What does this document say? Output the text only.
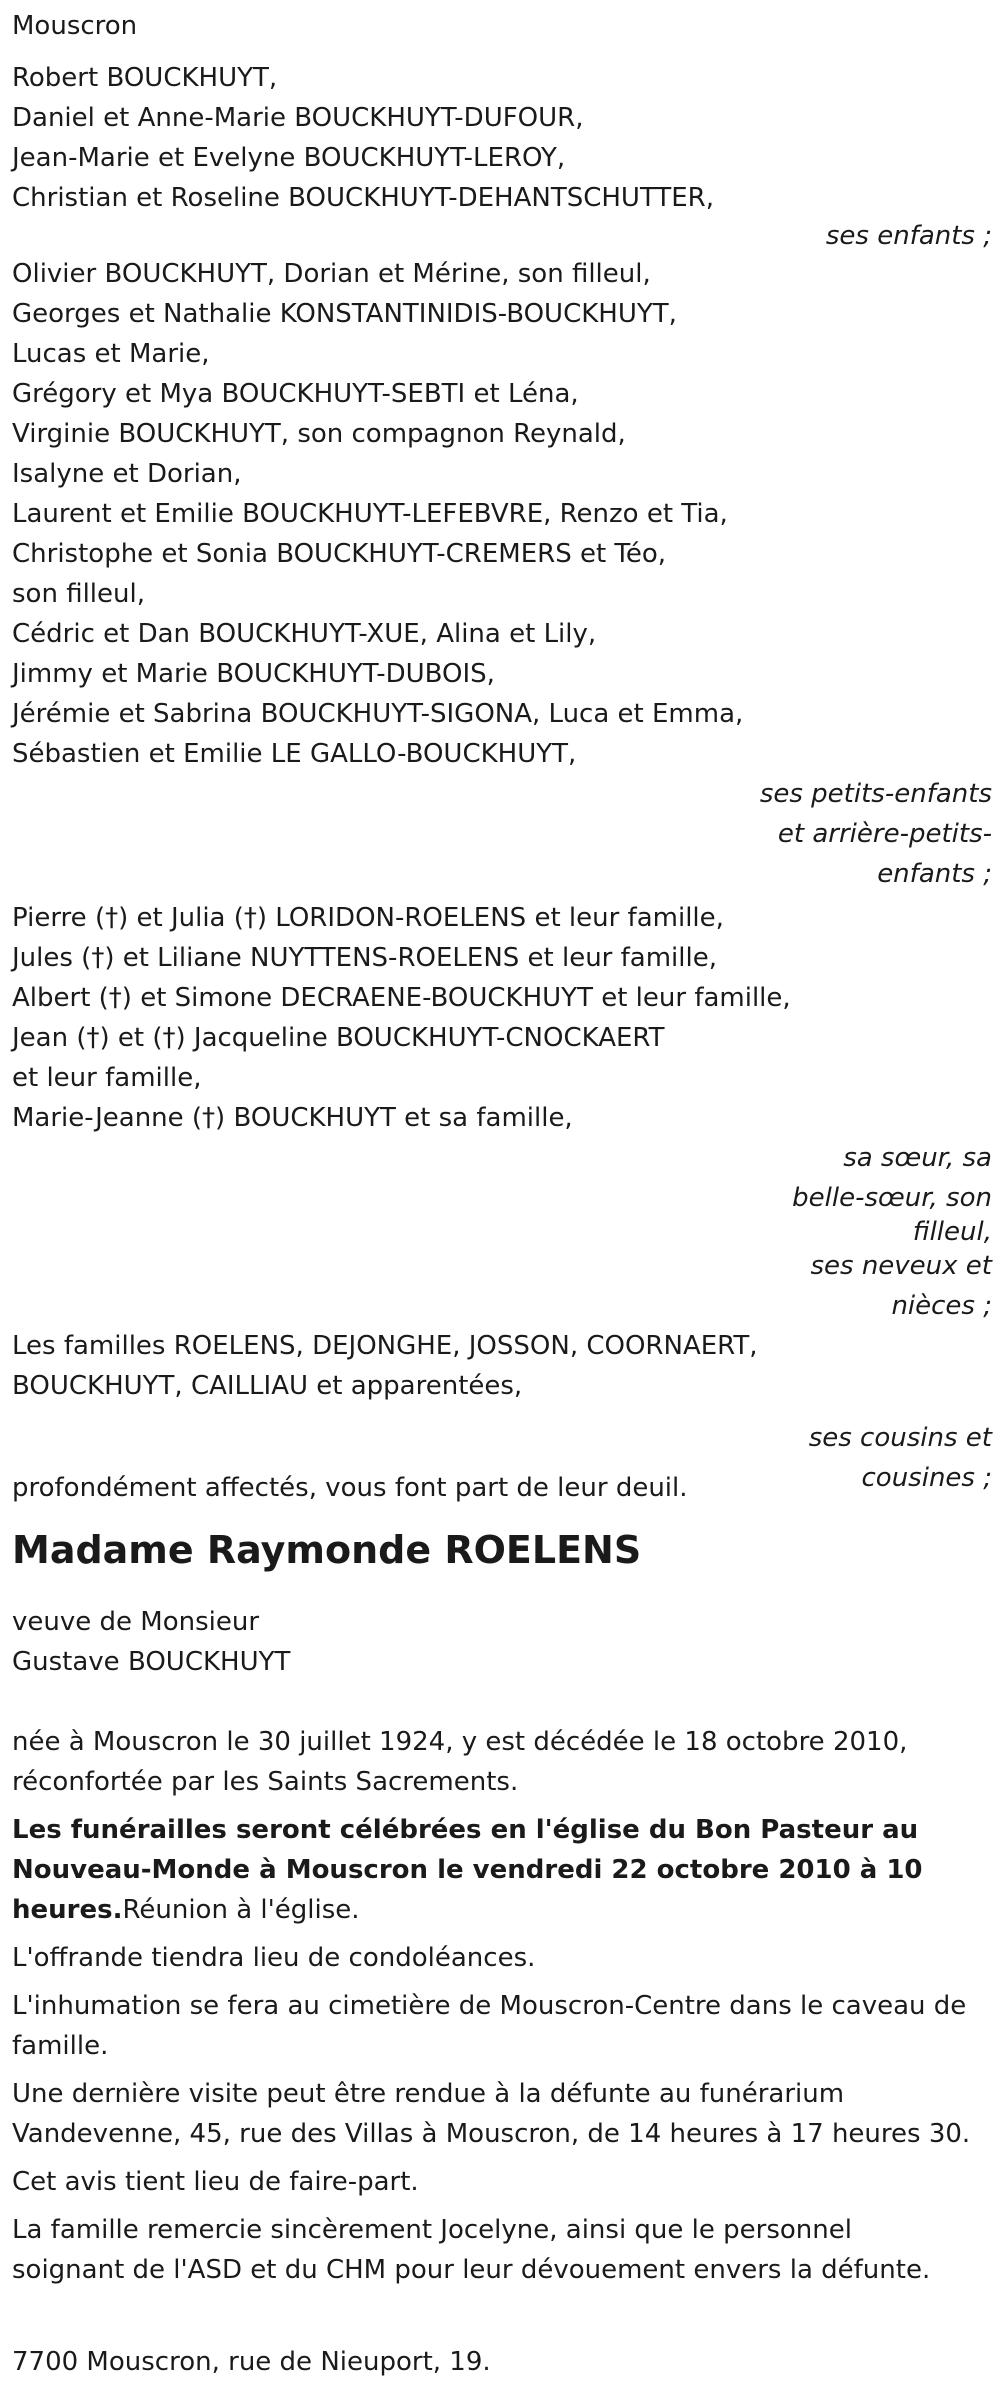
Mouscron
Robert BOUCKHUYT,
Daniel et Anne-Marie BOUCKHUYT-DUFOUR,
Jean-Marie et Evelyne BOUCKHUYT-LEROY,
Christian et Roseline BOUCKHUYT-DEHANTSCHUTTER,
ses enfants ;
Olivier BOUCKHUYT, Dorian et Mérine, son filleul,
Georges et Nathalie KONSTANTINIDIS-BOUCKHUYT,
Lucas et Marie,
Grégory et Mya BOUCKHUYT-SEBTI et Léna,
Virginie BOUCKHUYT, son compagnon Reynald,
Isalyne et Dorian,
Laurent et Emilie BOUCKHUYT-LEFEBVRE, Renzo et Tia,
Christophe et Sonia BOUCKHUYT-CREMERS et Téo,
son filleul,
Cédric et Dan BOUCKHUYT-XUE, Alina et Lily,
Jimmy et Marie BOUCKHUYT-DUBOIS,
Jérémie et Sabrina BOUCKHUYT-SIGONA, Luca et Emma,
Sébastien et Emilie LE GALLO-BOUCKHUYT,
ses petits-enfants
et arrière-petits-
enfants ;
Pierre (†) et Julia (†) LORIDON-ROELENS et leur famille,
Jules (†) et Liliane NUYTTENS-ROELENS et leur famille,
Albert (†) et Simone DECRAENE-BOUCKHUYT et leur famille,
Jean (†) et (†) Jacqueline BOUCKHUYT-CNOCKAERT
et leur famille,
Marie-Jeanne (†) BOUCKHUYT et sa famille,
sa sœur, sa
belle-sœur, son
filleul,
ses neveux et
nièces ;
Les familles ROELENS, DEJONGHE, JOSSON, COORNAERT,
BOUCKHUYT, CAILLIAU et apparentées,
ses cousins et
cousines ;
profondément affectés, vous font part de leur deuil.
Madame Raymonde ROELENS
veuve de Monsieur
Gustave BOUCKHUYT
née à Mouscron le 30 juillet 1924, y est décédée le 18 octobre 2010,
réconfortée par les Saints Sacrements.
Les funérailles seront célébrées en l'église du Bon Pasteur au
Nouveau-Monde à Mouscron le vendredi 22 octobre 2010 à 10
heures.Réunion à l'église.
L'offrande tiendra lieu de condoléances.
L'inhumation se fera au cimetière de Mouscron-Centre dans le caveau de
famille.
Une dernière visite peut être rendue à la défunte au funérarium
Vandevenne, 45, rue des Villas à Mouscron, de 14 heures à 17 heures 30.
Cet avis tient lieu de faire-part.
La famille remercie sincèrement Jocelyne, ainsi que le personnel
soignant de l'ASD et du CHM pour leur dévouement envers la défunte.
7700 Mouscron, rue de Nieuport, 19.
